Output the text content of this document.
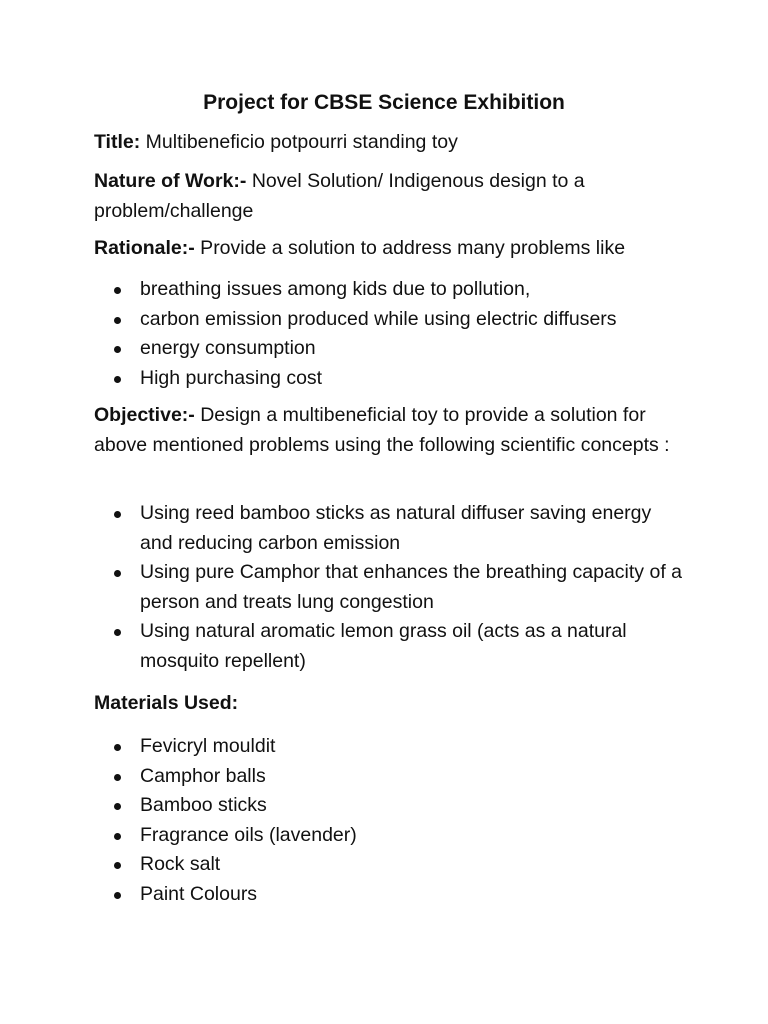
Project for CBSE Science Exhibition
Title: Multibeneficio potpourri standing toy
Nature of Work:- Novel Solution/ Indigenous design to a problem/challenge
Rationale:- Provide a solution to address many problems like
breathing issues among kids due to pollution,
carbon emission produced while using electric diffusers
energy consumption
High purchasing cost
Objective:- Design a multibeneficial toy to provide a solution for above mentioned problems using the following scientific concepts :
Using reed bamboo sticks as natural diffuser saving energy and reducing carbon emission
Using pure Camphor that enhances the breathing capacity of a person and treats lung congestion
Using natural aromatic lemon grass oil (acts as a natural mosquito repellent)
Materials Used:
Fevicryl mouldit
Camphor balls
Bamboo sticks
Fragrance oils (lavender)
Rock salt
Paint Colours
